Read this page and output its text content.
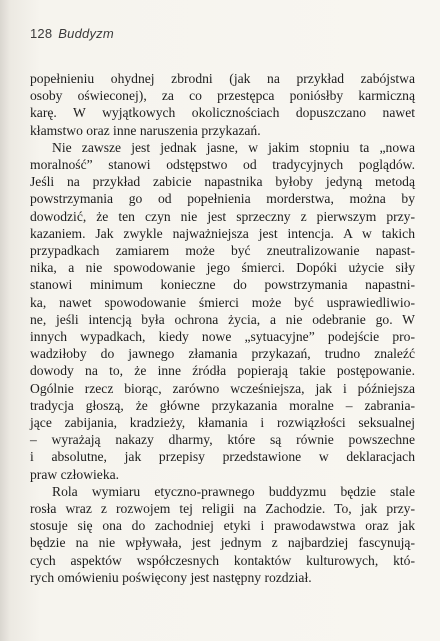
128 Buddyzm
popełnieniu ohydnej zbrodni (jak na przykład zabójstwa
osoby oświeconej), za co przestępca poniósłby karmiczną
karę. W wyjątkowych okolicznościach dopuszczano nawet
kłamstwo oraz inne naruszenia przykazań.
Nie zawsze jest jednak jasne, w jakim stopniu ta „nowa
moralność” stanowi odstępstwo od tradycyjnych poglądów.
Jeśli na przykład zabicie napastnika byłoby jedyną metodą
powstrzymania go od popełnienia morderstwa, można by
dowodzić, że ten czyn nie jest sprzeczny z pierwszym przy-
kazaniem. Jak zwykle najważniejsza jest intencja. A w takich
przypadkach zamiarem może być zneutralizowanie napast-
nika, a nie spowodowanie jego śmierci. Dopóki użycie siły
stanowi minimum konieczne do powstrzymania napastni-
ka, nawet spowodowanie śmierci może być usprawiedliwio-
ne, jeśli intencją była ochrona życia, a nie odebranie go. W
innych wypadkach, kiedy nowe „sytuacyjne” podejście pro-
wadziłoby do jawnego złamania przykazań, trudno znaleźć
dowody na to, że inne źródła popierają takie postępowanie.
Ogólnie rzecz biorąc, zarówno wcześniejsza, jak i późniejsza
tradycja głoszą, że główne przykazania moralne – zabrania-
jące zabijania, kradzieży, kłamania i rozwiązłości seksualnej
– wyrażają nakazy dharmy, które są równie powszechne
i absolutne, jak przepisy przedstawione w deklaracjach
praw człowieka.
Rola wymiaru etyczno-prawnego buddyzmu będzie stale
rosła wraz z rozwojem tej religii na Zachodzie. To, jak przy-
stosuje się ona do zachodniej etyki i prawodawstwa oraz jak
będzie na nie wpływała, jest jednym z najbardziej fascynują-
cych aspektów współczesnych kontaktów kulturowych, któ-
rych omówieniu poświęcony jest następny rozdział.
